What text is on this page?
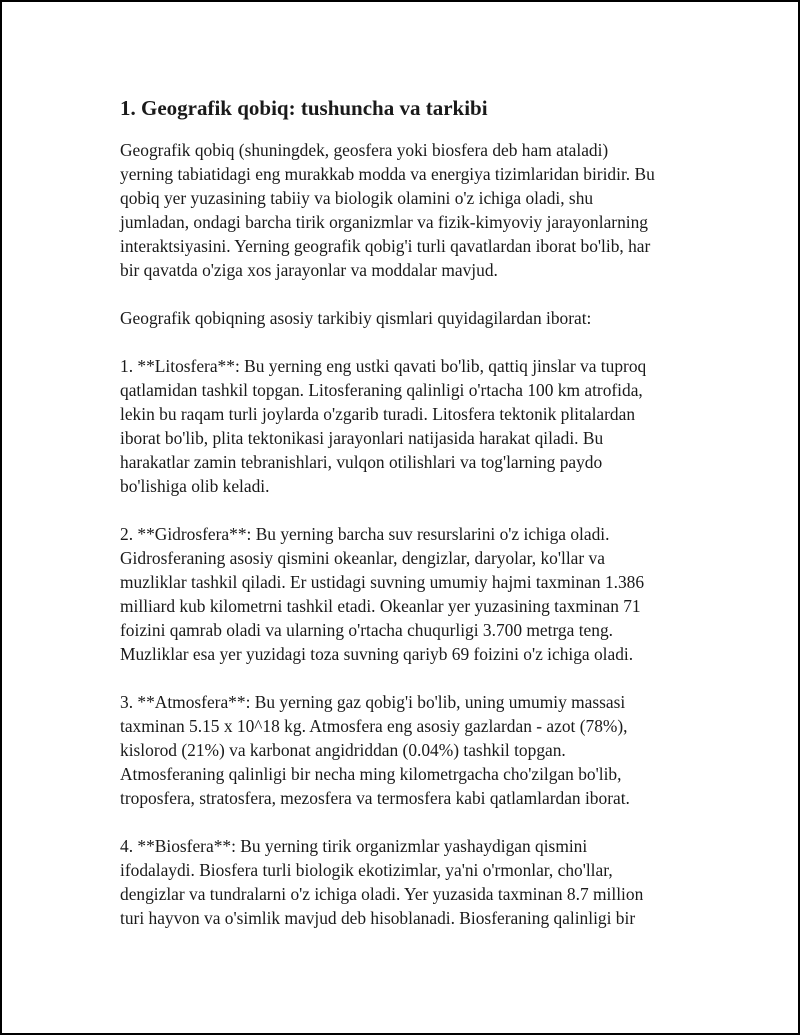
1. Geografik qobiq: tushuncha va tarkibi
Geografik qobiq (shuningdek, geosfera yoki biosfera deb ham ataladi)
yerning tabiatidagi eng murakkab modda va energiya tizimlaridan biridir. Bu
qobiq yer yuzasining tabiiy va biologik olamini o'z ichiga oladi, shu
jumladan, ondagi barcha tirik organizmlar va fizik-kimyoviy jarayonlarning
interaktsiyasini. Yerning geografik qobig'i turli qavatlardan iborat bo'lib, har
bir qavatda o'ziga xos jarayonlar va moddalar mavjud.
Geografik qobiqning asosiy tarkibiy qismlari quyidagilardan iborat:
1. **Litosfera**: Bu yerning eng ustki qavati bo'lib, qattiq jinslar va tuproq
qatlamidan tashkil topgan. Litosferaning qalinligi o'rtacha 100 km atrofida,
lekin bu raqam turli joylarda o'zgarib turadi. Litosfera tektonik plitalardan
iborat bo'lib, plita tektonikasi jarayonlari natijasida harakat qiladi. Bu
harakatlar zamin tebranishlari, vulqon otilishlari va tog'larning paydo
bo'lishiga olib keladi.
2. **Gidrosfera**: Bu yerning barcha suv resurslarini o'z ichiga oladi.
Gidrosferaning asosiy qismini okeanlar, dengizlar, daryolar, ko'llar va
muzliklar tashkil qiladi. Er ustidagi suvning umumiy hajmi taxminan 1.386
milliard kub kilometrni tashkil etadi. Okeanlar yer yuzasining taxminan 71
foizini qamrab oladi va ularning o'rtacha chuqurligi 3.700 metrga teng.
Muzliklar esa yer yuzidagi toza suvning qariyb 69 foizini o'z ichiga oladi.
3. **Atmosfera**: Bu yerning gaz qobig'i bo'lib, uning umumiy massasi
taxminan 5.15 x 10^18 kg. Atmosfera eng asosiy gazlardan - azot (78%),
kislorod (21%) va karbonat angidriddan (0.04%) tashkil topgan.
Atmosferaning qalinligi bir necha ming kilometrgacha cho'zilgan bo'lib,
troposfera, stratosfera, mezosfera va termosfera kabi qatlamlardan iborat.
4. **Biosfera**: Bu yerning tirik organizmlar yashaydigan qismini
ifodalaydi. Biosfera turli biologik ekotizimlar, ya'ni o'rmonlar, cho'llar,
dengizlar va tundralarni o'z ichiga oladi. Yer yuzasida taxminan 8.7 million
turi hayvon va o'simlik mavjud deb hisoblanadi. Biosferaning qalinligi bir
